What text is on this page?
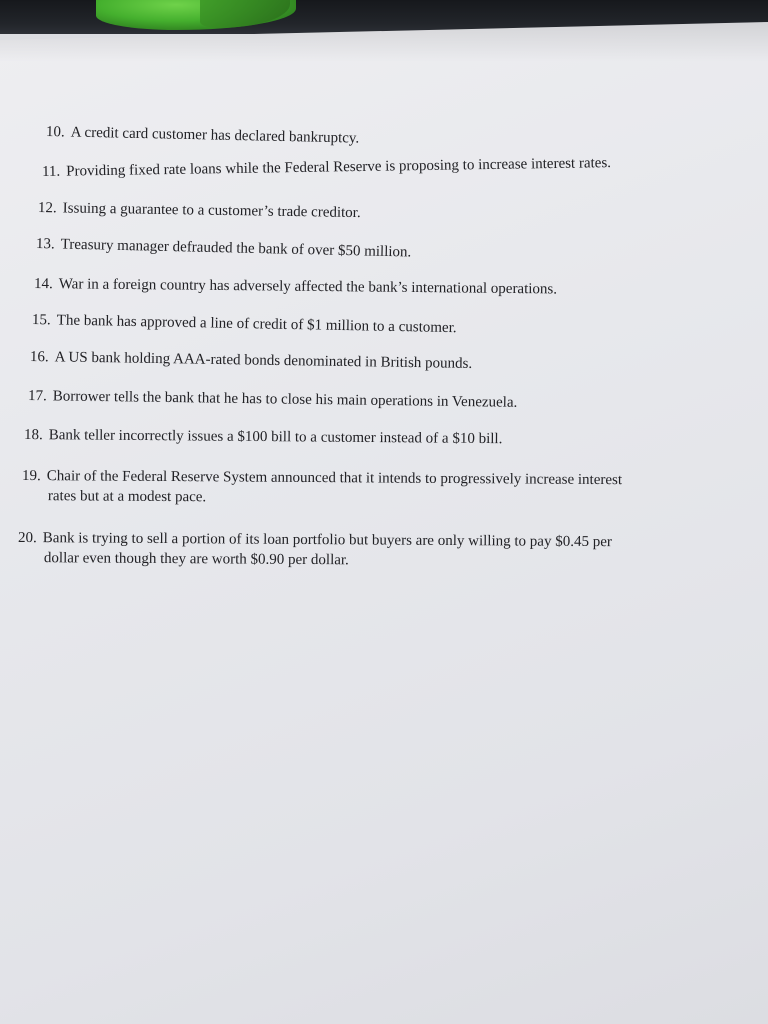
10. A credit card customer has declared bankruptcy.

11. Providing fixed rate loans while the Federal Reserve is proposing to increase interest rates.

12. Issuing a guarantee to a customer’s trade creditor.

13. Treasury manager defrauded the bank of over $50 million.

14. War in a foreign country has adversely affected the bank’s international operations.

15. The bank has approved a line of credit of $1 million to a customer.

16. A US bank holding AAA-rated bonds denominated in British pounds.

17. Borrower tells the bank that he has to close his main operations in Venezuela.

18. Bank teller incorrectly issues a $100 bill to a customer instead of a $10 bill.

19. Chair of the Federal Reserve System announced that it intends to progressively increase interest
rates but at a modest pace.

20. Bank is trying to sell a portion of its loan portfolio but buyers are only willing to pay $0.45 per
dollar even though they are worth $0.90 per dollar.
